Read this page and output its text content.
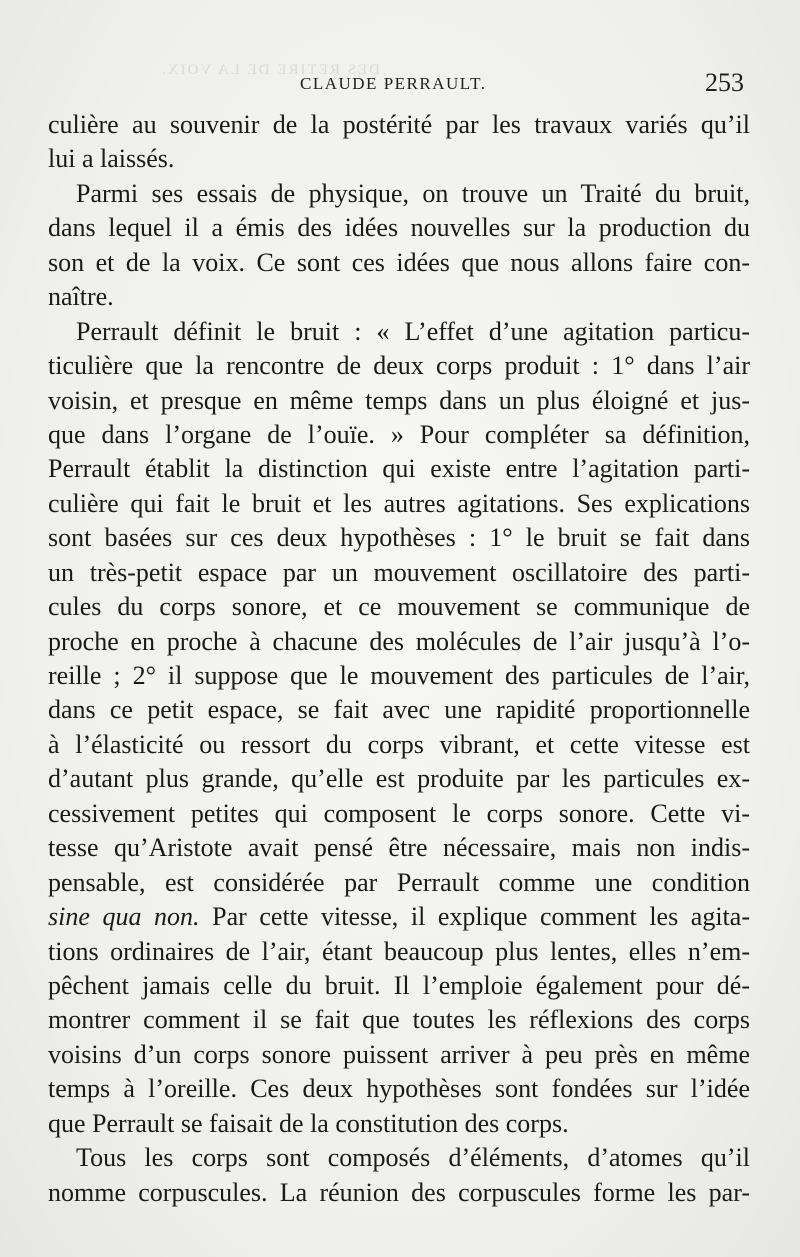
DES RETIRE DE LA VOIX.
CLAUDE PERRAULT.	253
culière au souvenir de la postérité par les travaux variés qu’il
lui a laissés.
Parmi ses essais de physique, on trouve un Traité du bruit,
dans lequel il a émis des idées nouvelles sur la production du
son et de la voix. Ce sont ces idées que nous allons faire con-
naître.
Perrault définit le bruit : « L’effet d’une agitation particu-
ticulière que la rencontre de deux corps produit : 1° dans l’air
voisin, et presque en même temps dans un plus éloigné et jus-
que dans l’organe de l’ouïe. » Pour compléter sa définition,
Perrault établit la distinction qui existe entre l’agitation parti-
culière qui fait le bruit et les autres agitations. Ses explications
sont basées sur ces deux hypothèses : 1° le bruit se fait dans
un très-petit espace par un mouvement oscillatoire des parti-
cules du corps sonore, et ce mouvement se communique de
proche en proche à chacune des molécules de l’air jusqu’à l’o-
reille ; 2° il suppose que le mouvement des particules de l’air,
dans ce petit espace, se fait avec une rapidité proportionnelle
à l’élasticité ou ressort du corps vibrant, et cette vitesse est
d’autant plus grande, qu’elle est produite par les particules ex-
cessivement petites qui composent le corps sonore. Cette vi-
tesse qu’Aristote avait pensé être nécessaire, mais non indis-
pensable, est considérée par Perrault comme une condition
sine qua non. Par cette vitesse, il explique comment les agita-
tions ordinaires de l’air, étant beaucoup plus lentes, elles n’em-
pêchent jamais celle du bruit. Il l’emploie également pour dé-
montrer comment il se fait que toutes les réflexions des corps
voisins d’un corps sonore puissent arriver à peu près en même
temps à l’oreille. Ces deux hypothèses sont fondées sur l’idée
que Perrault se faisait de la constitution des corps.
Tous les corps sont composés d’éléments, d’atomes qu’il
nomme corpuscules. La réunion des corpuscules forme les par-
